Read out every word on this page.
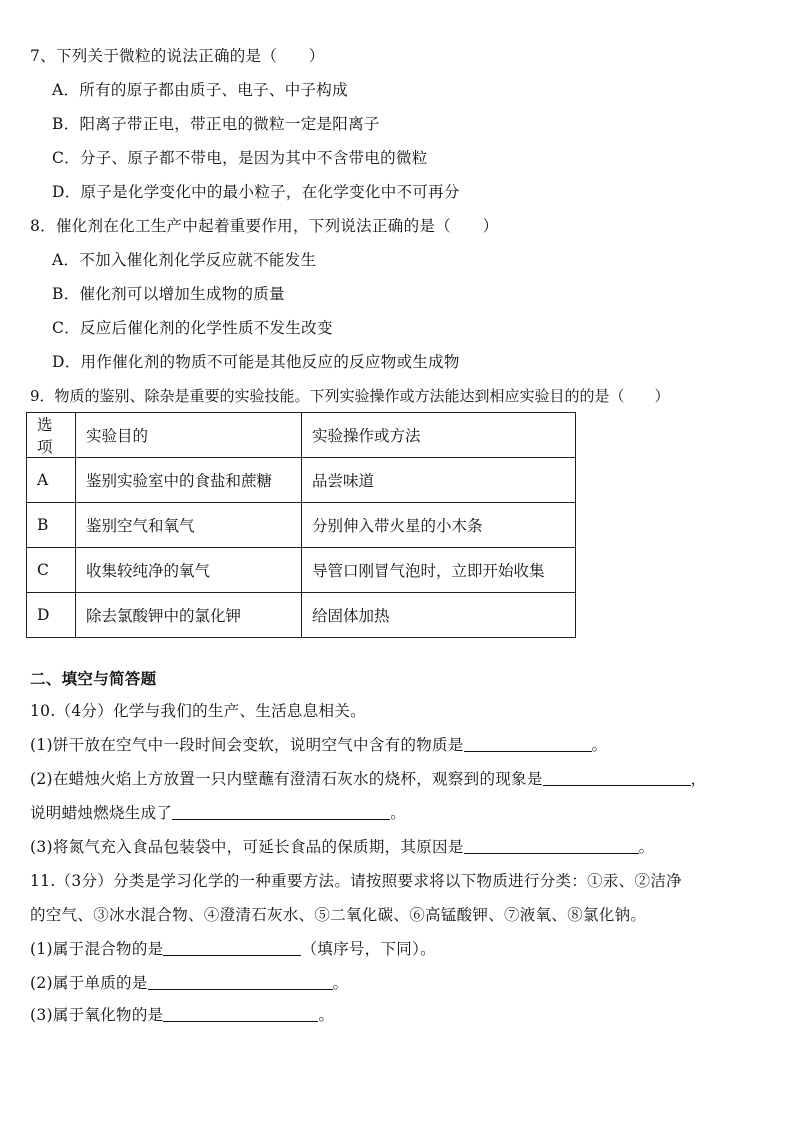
7、下列关于微粒的说法正确的是（　　）
A．所有的原子都由质子、电子、中子构成
B．阳离子带正电，带正电的微粒一定是阳离子
C．分子、原子都不带电，是因为其中不含带电的微粒
D．原子是化学变化中的最小粒子，在化学变化中不可再分
8．催化剂在化工生产中起着重要作用，下列说法正确的是（　　）
A．不加入催化剂化学反应就不能发生
B．催化剂可以增加生成物的质量
C．反应后催化剂的化学性质不发生改变
D．用作催化剂的物质不可能是其他反应的反应物或生成物
9．物质的鉴别、除杂是重要的实验技能。下列实验操作或方法能达到相应实验目的的是（　　）
选项	实验目的	实验操作或方法
A	鉴别实验室中的食盐和蔗糖	品尝味道
B	鉴别空气和氧气	分别伸入带火星的小木条
C	收集较纯净的氧气	导管口刚冒气泡时，立即开始收集
D	除去氯酸钾中的氯化钾	给固体加热
二、填空与简答题
10.（4分）化学与我们的生产、生活息息相关。
(1)饼干放在空气中一段时间会变软，说明空气中含有的物质是	。
(2)在蜡烛火焰上方放置一只内壁蘸有澄清石灰水的烧杯，观察到的现象是	，
说明蜡烛燃烧生成了	。
(3)将氮气充入食品包装袋中，可延长食品的保质期，其原因是	。
11.（3分）分类是学习化学的一种重要方法。请按照要求将以下物质进行分类：①汞、②洁净
的空气、③冰水混合物、④澄清石灰水、⑤二氧化碳、⑥高锰酸钾、⑦液氧、⑧氯化钠。
(1)属于混合物的是	（填序号，下同）。
(2)属于单质的是	。
(3)属于氧化物的是	。
